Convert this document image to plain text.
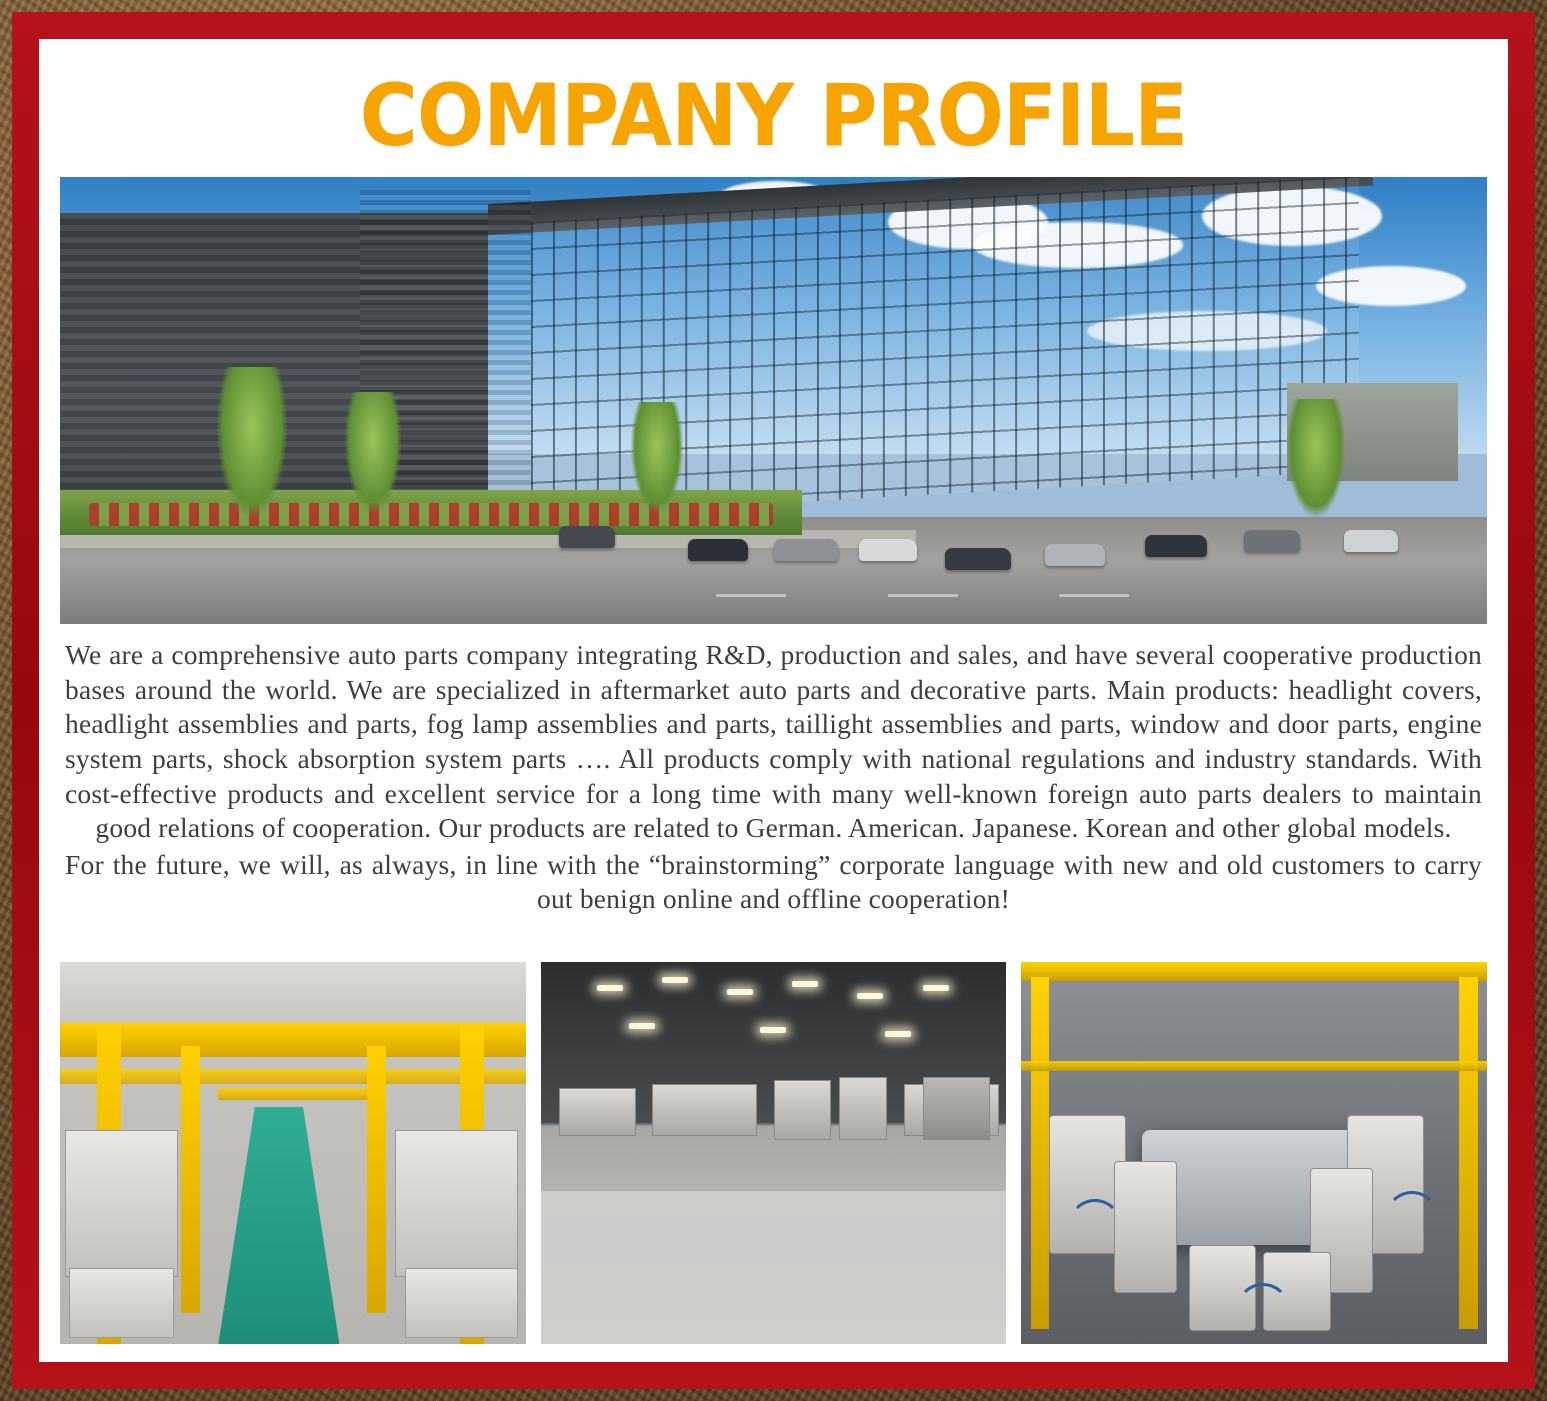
COMPANY PROFILE

We are a comprehensive auto parts company integrating R&D, production and sales, and have several cooperative production bases around the world. We are specialized in aftermarket auto parts and decorative parts. Main products: headlight covers, headlight assemblies and parts, fog lamp assemblies and parts, taillight assemblies and parts, window and door parts, engine system parts, shock absorption system parts …. All products comply with national regulations and industry standards. With cost-effective products and excellent service for a long time with many well-known foreign auto parts dealers to maintain good relations of cooperation. Our products are related to German. American. Japanese. Korean and other global models.

For the future, we will, as always, in line with the “brainstorming” corporate language with new and old customers to carry out benign online and offline cooperation!
